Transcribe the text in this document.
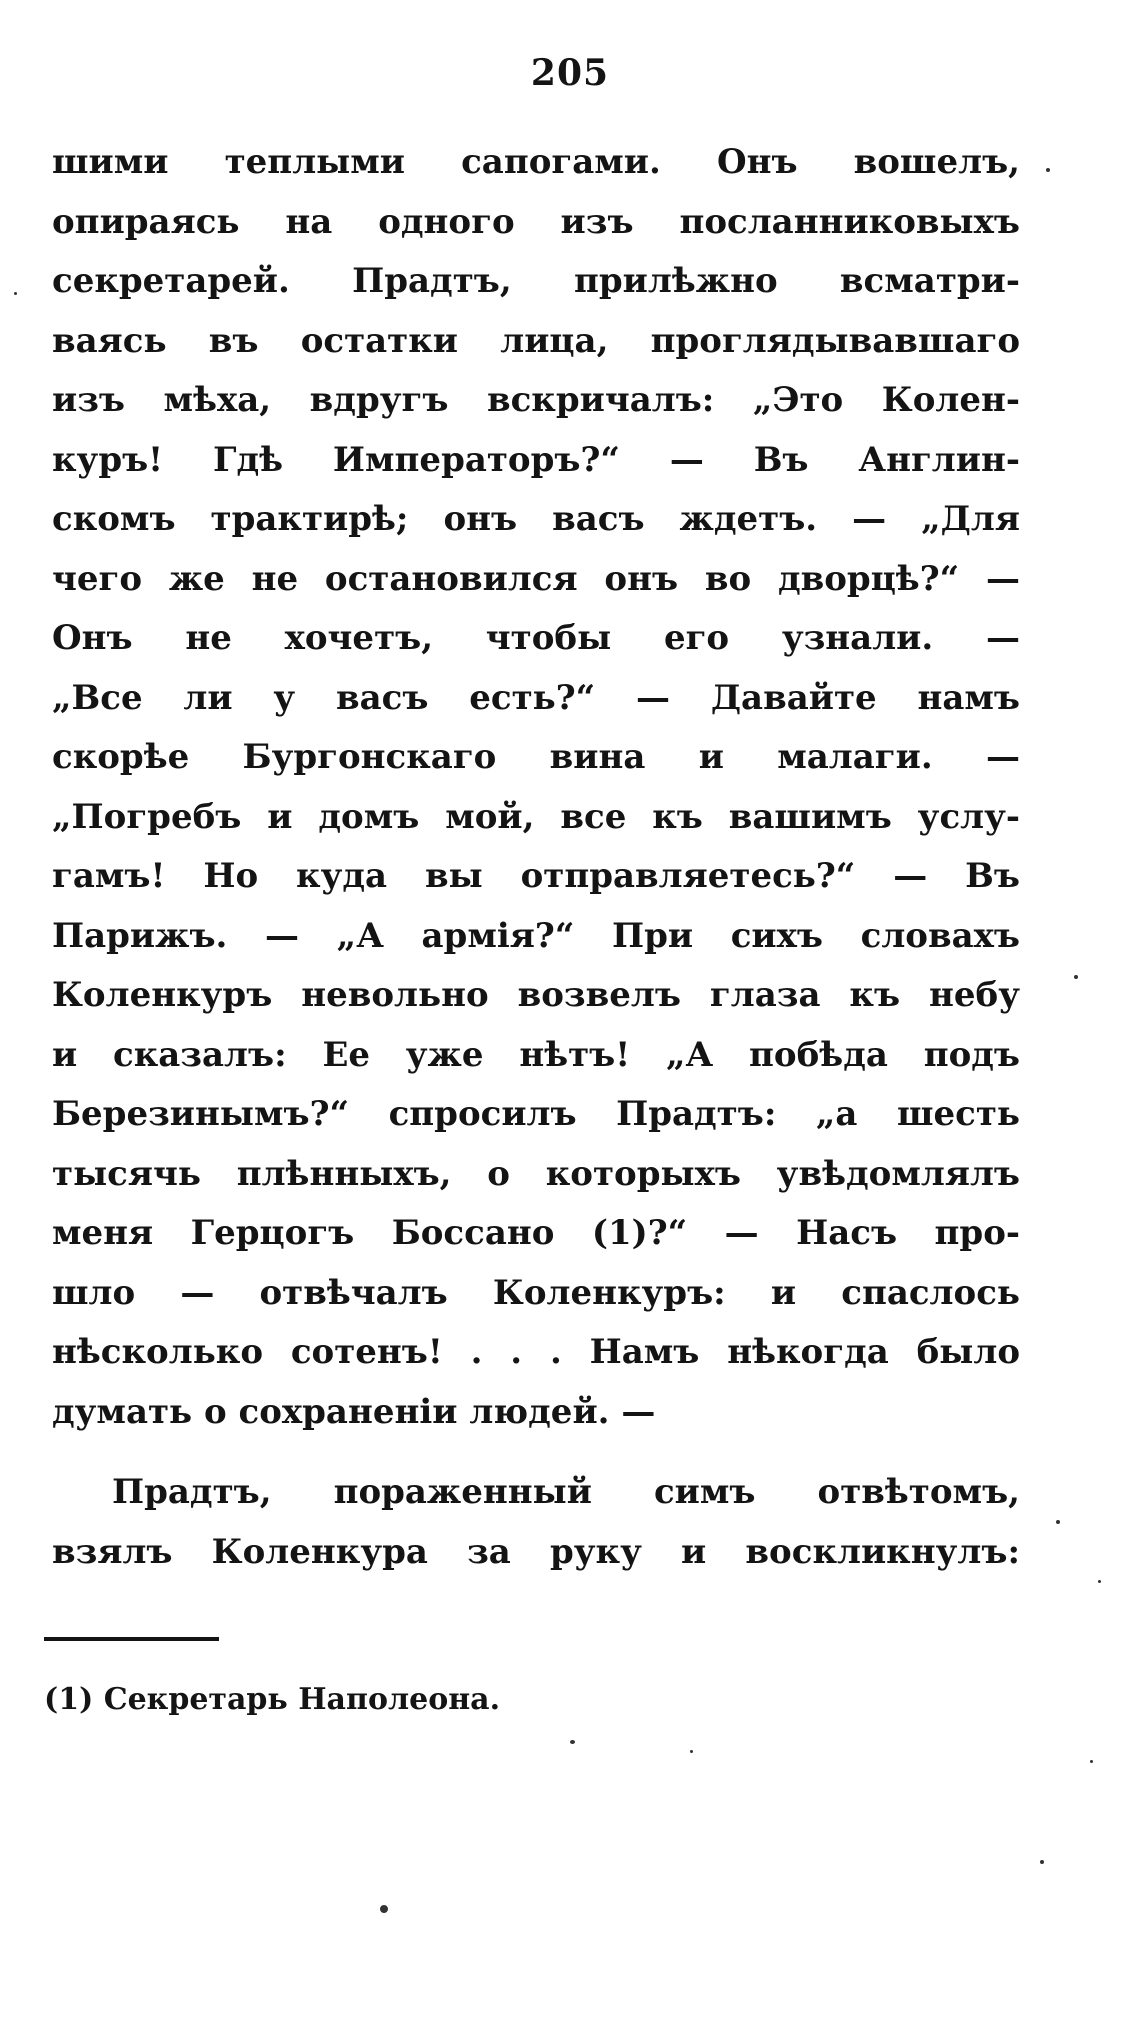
205
шими теплыми сапогами. Онъ вошелъ,
опираясь на одного изъ посланниковыхъ
секретарей. Прадтъ, прилѣжно всматри-
ваясь въ остатки лица, проглядывавшаго
изъ мѣха, вдругъ вскричалъ: „Это Колен-
куръ! Гдѣ Императоръ?“ — Въ Англин-
скомъ трактирѣ; онъ васъ ждетъ. — „Для
чего же не остановился онъ во дворцѣ?“ —
Онъ не хочетъ, чтобы его узнали. —
„Все ли у васъ есть?“ — Давайте намъ
скорѣе Бургонскаго вина и малаги. —
„Погребъ и домъ мой, все къ вашимъ услу-
гамъ! Но куда вы отправляетесь?“ — Въ
Парижъ. — „А армія?“ При сихъ словахъ
Коленкуръ невольно возвелъ глаза къ небу
и сказалъ: Ее уже нѣтъ! „А побѣда подъ
Березинымъ?“ спросилъ Прадтъ: „а шесть
тысячь плѣнныхъ, о которыхъ увѣдомлялъ
меня Герцогъ Боссано (1)?“ — Насъ про-
шло — отвѣчалъ Коленкуръ: и спаслось
нѣсколько сотенъ! . . . Намъ нѣкогда было
думать о сохраненіи людей. —
Прадтъ, пораженный симъ отвѣтомъ,
взялъ Коленкура за руку и воскликнулъ:
(1) Секретарь Наполеона.
